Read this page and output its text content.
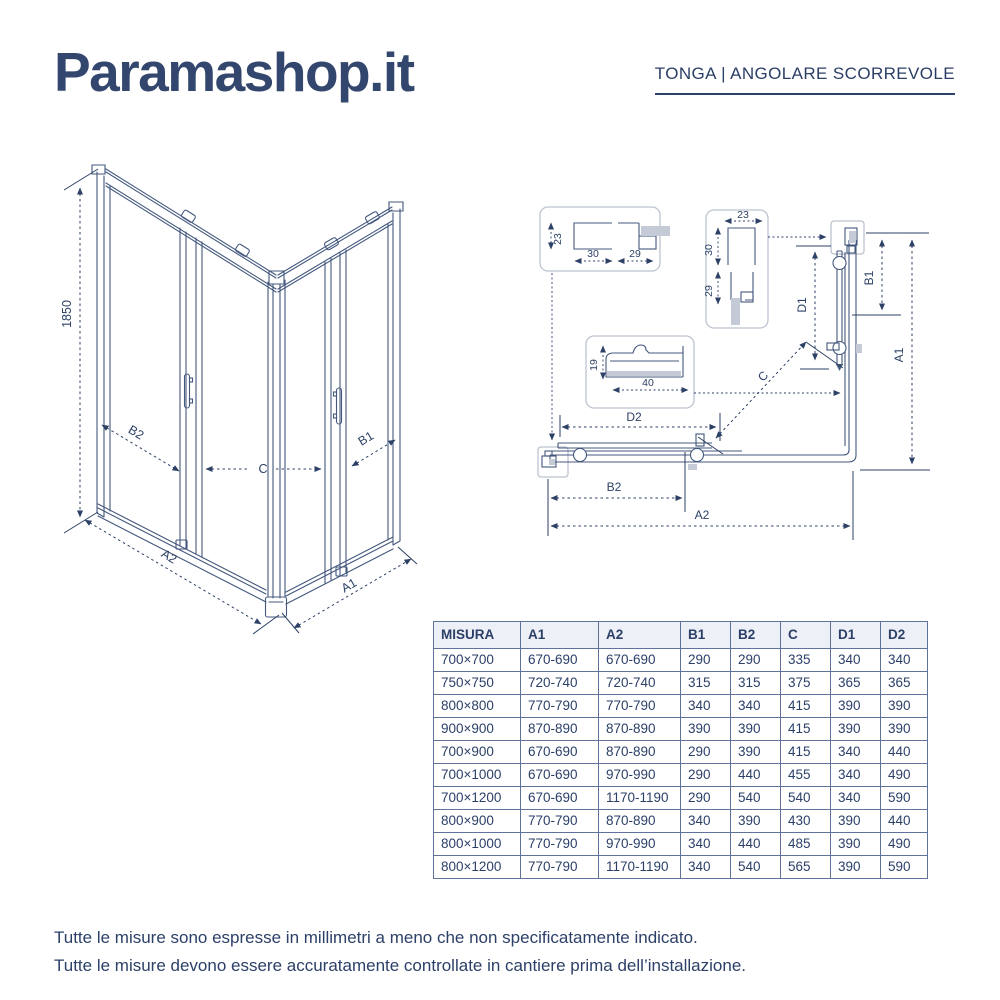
Paramashop.it	TONGA | ANGOLARE SCORREVOLE
1850
B2
C
B1
A2
A1
23
30	29
23
30
29
19
40
D1
B1
A1
C
D2
B2
A2
MISURA	A1	A2	B1	B2	C	D1	D2
700×700	670-690	670-690	290	290	335	340	340
750×750	720-740	720-740	315	315	375	365	365
800×800	770-790	770-790	340	340	415	390	390
900×900	870-890	870-890	390	390	415	390	390
700×900	670-690	870-890	290	390	415	340	440
700×1000	670-690	970-990	290	440	455	340	490
700×1200	670-690	1170-1190	290	540	540	340	590
800×900	770-790	870-890	340	390	430	390	440
800×1000	770-790	970-990	340	440	485	390	490
800×1200	770-790	1170-1190	340	540	565	390	590
Tutte le misure sono espresse in millimetri a meno che non specificatamente indicato.
Tutte le misure devono essere accuratamente controllate in cantiere prima dell’installazione.
